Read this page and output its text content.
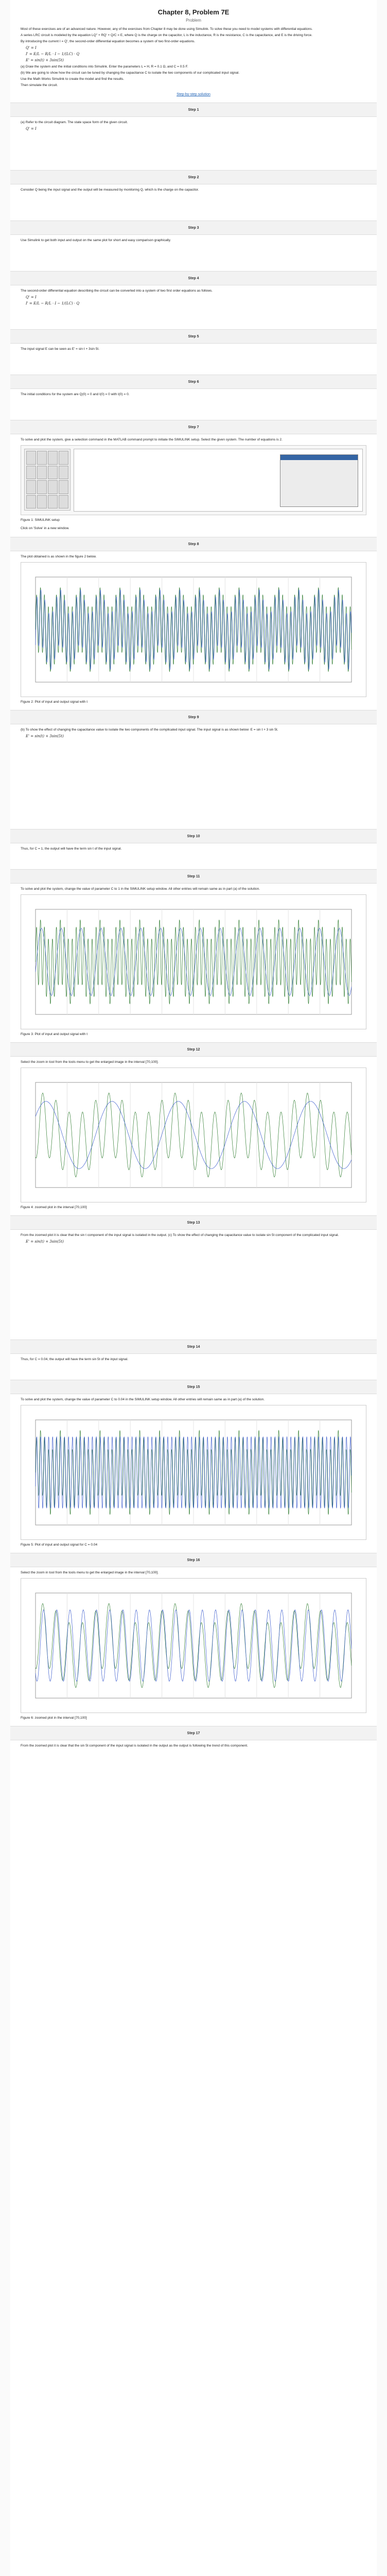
Chapter 8, Problem 7E
Problem

Most of these exercises are of an advanced nature. However, any of the exercises from Chapter 8 may be done using Simulink. To solve these you need to model systems with differential equations.

A series LRC circuit is modeled by the equation LQ'' + RQ' + Q/C = E, where Q is the charge on the capacitor, L is the inductance, R is the resistance, C is the capacitance, and E is the driving force.

By introducing the current I = Q', the second-order differential equation becomes a system of two first-order equations.

Q' = I
I' = E/L − R/L · I − 1/(LC) · Q
E' = sin(t) + 3sin(5t)

(a) Draw the system and the initial conditions into Simulink. Enter the parameters L = H, R = 0.1 Ω, and C = 0.5 F.

(b) We are going to show how the circuit can be tuned by changing the capacitance C to isolate the two components of our complicated input signal.

Use the Math Works Simulink to create the model and find the results.

Then simulate the circuit.

Step-by-step solution
Step 1

(a) Refer to the circuit diagram. The state space form of the given circuit.

Q' = I
Step 2

Consider Q being the input signal and the output will be measured by monitoring Q, which is the charge on the capacitor.

Step 3

Use Simulink to get both input and output on the same plot for short and easy comparison graphically.

Step 4

The second-order differential equation describing the circuit can be converted into a system of two first order equations as follows.

Q' = I
I' = E/L − R/L · I − 1/(LC) · Q
Step 5

The input signal E can be seen as E' = sin t + 3sin 5t.

Step 6

The initial conditions for the system are Q(0) = 0 and I(0) = 0 with I(0) = 0.

Step 7

To solve and plot the system, give a selection command in the MATLAB command prompt to initiate the SIMULINK setup. Select the given system. The number of equations is 2.

Figure 1: SIMULINK setup

Click on 'Solve' in a new window.

Step 8

The plot obtained is as shown in the figure 2 below.

Figure 2: Plot of input and output signal with t
Step 9

(b) To show the effect of changing the capacitance value to isolate the two components of the complicated input signal. The input signal is as shown below: E = sin t + 3 sin 5t.

E' = sin(t) + 3sin(5t)
Step 10

Thus, for C = 1, the output will have the term sin t of the input signal.

Step 11

To solve and plot the system, change the value of parameter C to 1 in the SIMULINK setup window. All other entries will remain same as in part (a) of the solution.

Figure 3: Plot of input and output signal with t
Step 12

Select the zoom in tool from the tools menu to get the enlarged image in the interval [70,100].

Figure 4: zoomed plot in the interval [70,100]
Step 13

From the zoomed plot it is clear that the sin t component of the input signal is isolated in the output. (c) To show the effect of changing the capacitance value to isolate sin 5t component of the complicated input signal.

E' = sin(t) + 3sin(5t)
Step 14

Thus, for C = 0.04, the output will have the term sin 5t of the input signal.

Step 15

To solve and plot the system, change the value of parameter C to 0.04 in the SIMULINK setup window. All other entries will remain same as in part (a) of the solution.

Figure 5: Plot of input and output signal for C = 0.04
Step 16

Select the zoom in tool from the tools menu to get the enlarged image in the interval [70,100].

Figure 6: zoomed plot in the interval [70,100]
Step 17

From the zoomed plot it is clear that the sin 5t component of the input signal is isolated in the output as the output is following the trend of this component.
